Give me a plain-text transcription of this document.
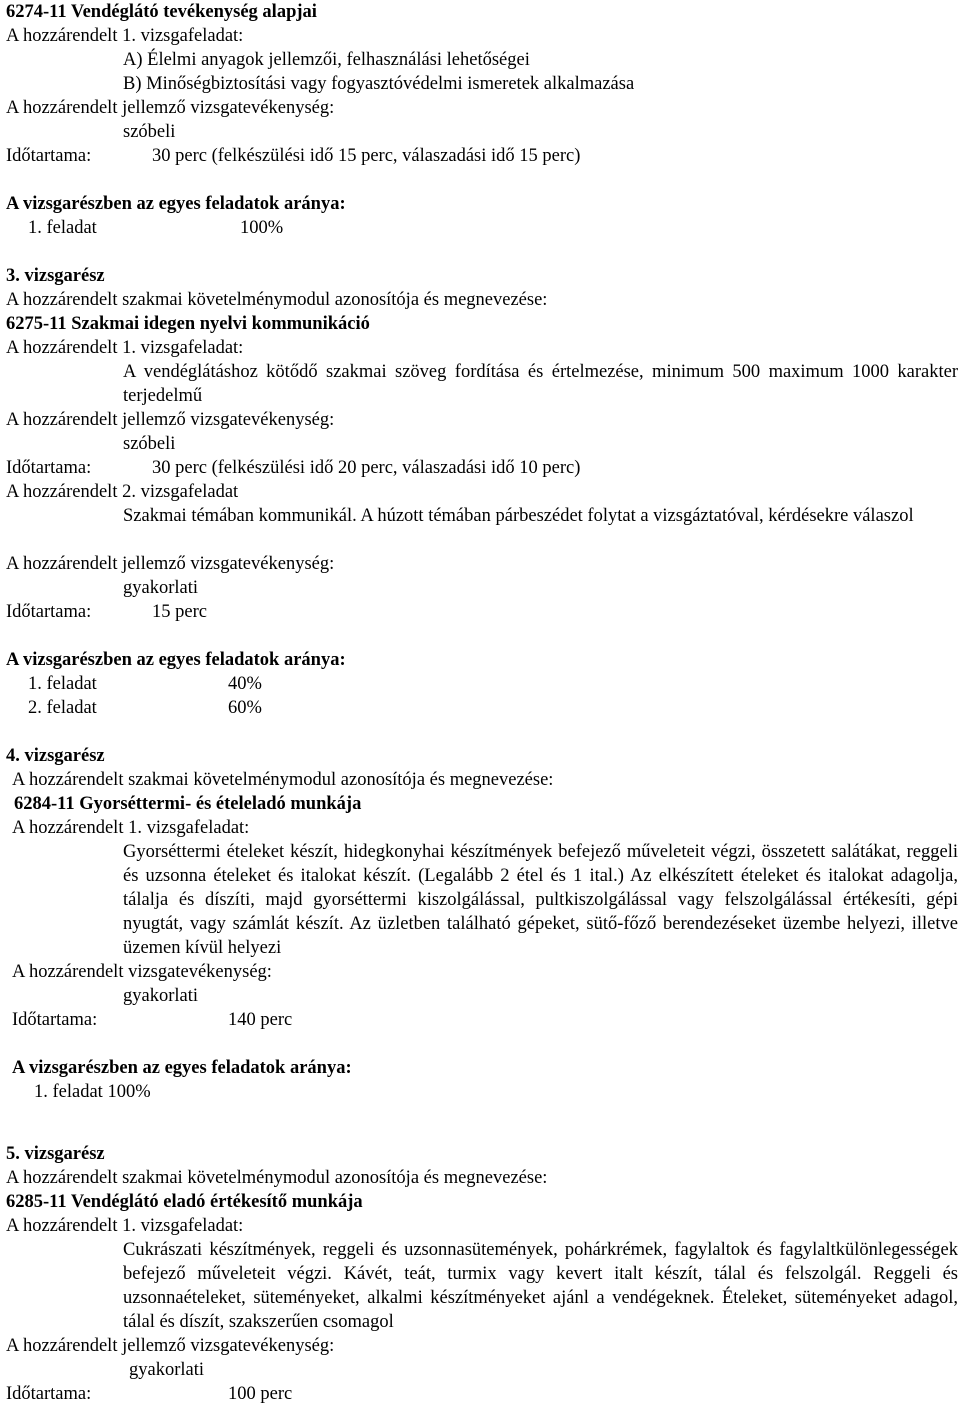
6274-11 Vendéglátó tevékenység alapjai
A hozzárendelt 1. vizsgafeladat:
A) Élelmi anyagok jellemzői, felhasználási lehetőségei
B) Minőségbiztosítási vagy fogyasztóvédelmi ismeretek alkalmazása
A hozzárendelt jellemző vizsgatevékenység:
szóbeli
Időtartama:	30 perc (felkészülési idő 15 perc, válaszadási idő 15 perc)
A vizsgarészben az egyes feladatok aránya:
1. feladat	100%
3. vizsgarész
A hozzárendelt szakmai követelménymodul azonosítója és megnevezése:
6275-11 Szakmai idegen nyelvi kommunikáció
A hozzárendelt 1. vizsgafeladat:
A vendéglátáshoz kötődő szakmai szöveg fordítása és értelmezése, minimum 500 maximum 1000 karakter terjedelmű
A hozzárendelt jellemző vizsgatevékenység:
szóbeli
Időtartama:	30 perc (felkészülési idő 20 perc, válaszadási idő 10 perc)
A hozzárendelt 2. vizsgafeladat
Szakmai témában kommunikál. A húzott témában párbeszédet folytat a vizsgáztatóval, kérdésekre válaszol
A hozzárendelt jellemző vizsgatevékenység:
gyakorlati
Időtartama:	15 perc
A vizsgarészben az egyes feladatok aránya:
1. feladat	40%
2. feladat	60%
4. vizsgarész
A hozzárendelt szakmai követelménymodul azonosítója és megnevezése:
6284-11 Gyorséttermi- és ételeladó munkája
A hozzárendelt 1. vizsgafeladat:
Gyorséttermi ételeket készít, hidegkonyhai készítmények befejező műveleteit végzi, összetett salátákat, reggeli és uzsonna ételeket és italokat készít. (Legalább 2 étel és 1 ital.) Az elkészített ételeket és italokat adagolja, tálalja és díszíti, majd gyorséttermi kiszolgálással, pultkiszolgálással vagy felszolgálással értékesíti, gépi nyugtát, vagy számlát készít. Az üzletben található gépeket, sütő-főző berendezéseket üzembe helyezi, illetve üzemen kívül helyezi
A hozzárendelt vizsgatevékenység:
gyakorlati
Időtartama:	140 perc
A vizsgarészben az egyes feladatok aránya:
1. feladat 100%
5. vizsgarész
A hozzárendelt szakmai követelménymodul azonosítója és megnevezése:
6285-11 Vendéglátó eladó értékesítő munkája
A hozzárendelt 1. vizsgafeladat:
Cukrászati készítmények, reggeli és uzsonnasütemények, pohárkrémek, fagylaltok és fagylaltkülönlegességek befejező műveleteit végzi. Kávét, teát, turmix vagy kevert italt készít, tálal és felszolgál. Reggeli és uzsonnaételeket, süteményeket, alkalmi készítményeket ajánl a vendégeknek. Ételeket, süteményeket adagol, tálal és díszít, szakszerűen csomagol
A hozzárendelt jellemző vizsgatevékenység:
gyakorlati
Időtartama:	100 perc
